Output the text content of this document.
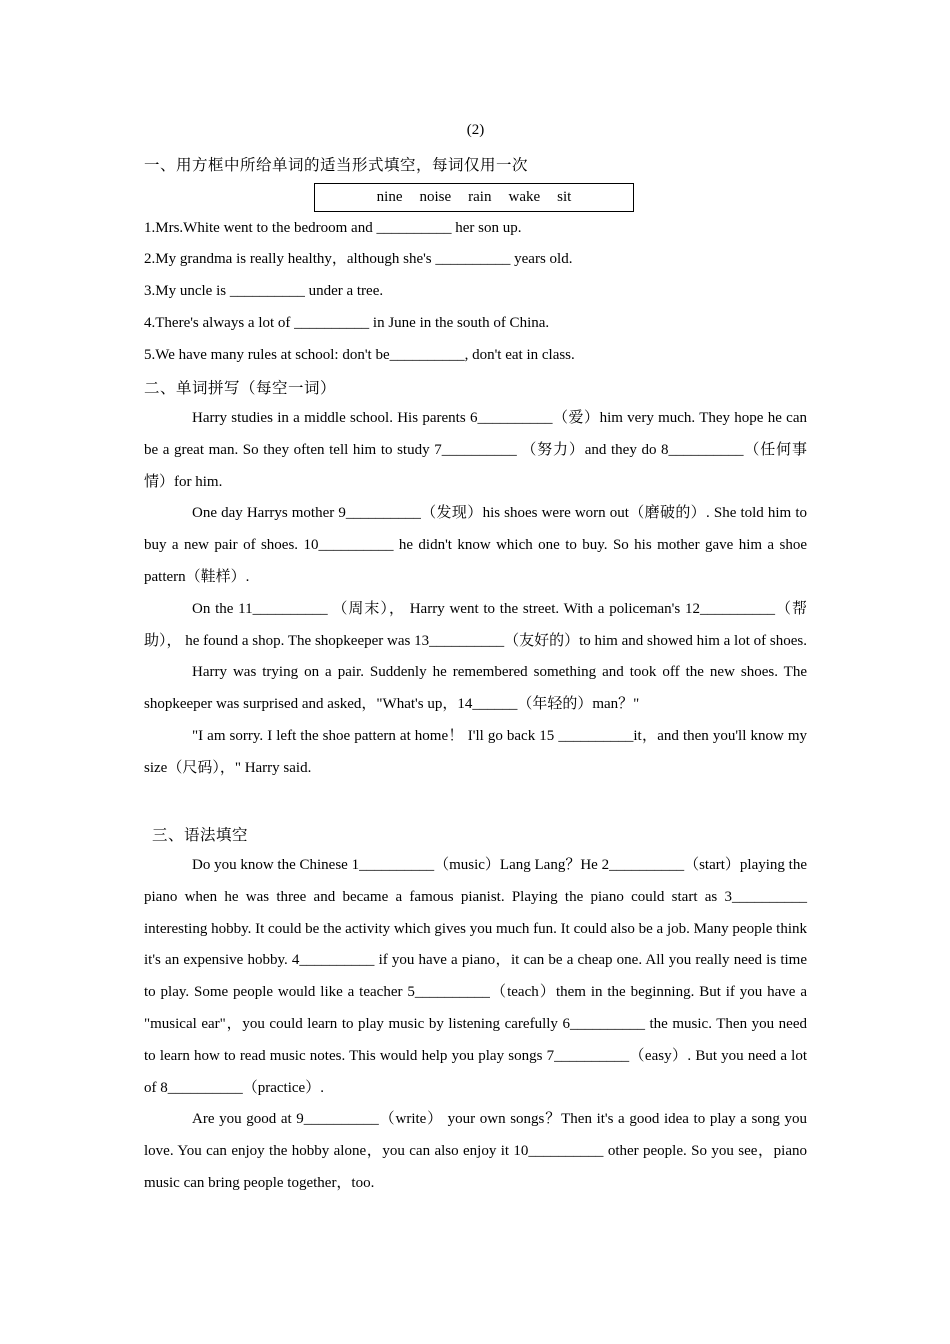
(2)
一、用方框中所给单词的适当形式填空，每词仅用一次
nine noise rain wake sit
1.Mrs.White went to the bedroom and __________ her son up.
2.My grandma is really healthy，although she's __________ years old.
3.My uncle is __________ under a tree.
4.There's always a lot of __________ in June in the south of China.
5.We have many rules at school: don't be__________, don't eat in class.
二、单词拼写（每空一词）

Harry studies in a middle school. His parents 6__________（爱）him very much. They hope he can be a great man. So they often tell him to study 7__________ （努力）and they do 8__________（任何事情）for him.

One day Harrys mother 9__________（发现）his shoes were worn out（磨破的）. She told him to buy a new pair of shoes. 10__________ he didn't know which one to buy. So his mother gave him a shoe pattern（鞋样）.

On the 11__________ （周末）， Harry went to the street. With a policeman's 12__________（帮助）， he found a shop. The shopkeeper was 13__________（友好的）to him and showed him a lot of shoes.

Harry was trying on a pair. Suddenly he remembered something and took off the new shoes. The shopkeeper was surprised and asked，"What's up，14______（年轻的）man？"

"I am sorry. I left the shoe pattern at home！ I'll go back 15 __________it，and then you'll know my size（尺码），" Harry said.

三、语法填空

Do you know the Chinese 1__________（music）Lang Lang？He 2__________（start）playing the piano when he was three and became a famous pianist. Playing the piano could start as 3__________ interesting hobby. It could be the activity which gives you much fun. It could also be a job. Many people think it's an expensive hobby. 4__________ if you have a piano，it can be a cheap one. All you really need is time to play. Some people would like a teacher 5__________（teach）them in the beginning. But if you have a "musical ear"，you could learn to play music by listening carefully 6__________ the music. Then you need to learn how to read music notes. This would help you play songs 7__________（easy）. But you need a lot of 8__________（practice）.

Are you good at 9__________（write） your own songs？Then it's a good idea to play a song you love. You can enjoy the hobby alone，you can also enjoy it 10__________ other people. So you see，piano music can bring people together，too.
